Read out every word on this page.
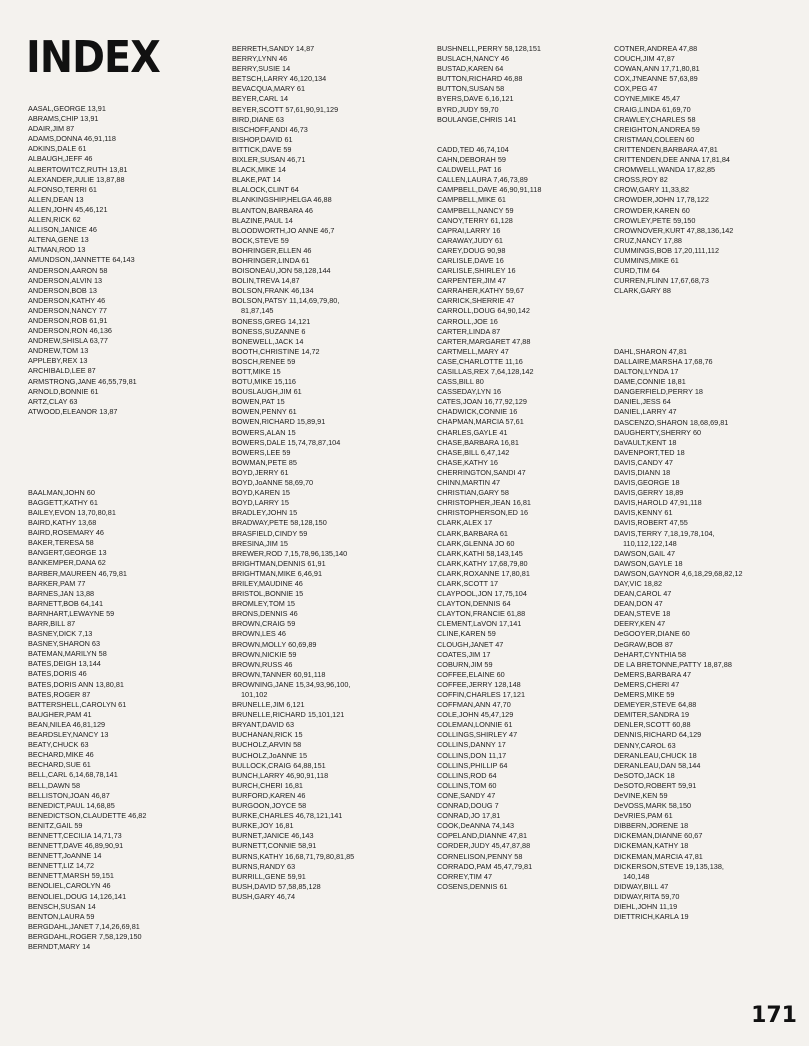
INDEX
AASAL,GEORGE 13,91
ABRAMS,CHIP 13,91
ADAIR,JIM 87
ADAMS,DONNA 46,91,118
ADKINS,DALE 61
ALBAUGH,JEFF 46
ALBERTOWITCZ,RUTH 13,81
ALEXANDER,JULIE 13,87,88
ALFONSO,TERRI 61
ALLEN,DEAN 13
ALLEN,JOHN 45,46,121
ALLEN,RICK 62
ALLISON,JANICE 46
ALTENA,GENE 13
ALTMAN,ROD 13
AMUNDSON,JANNETTE 64,143
ANDERSON,AARON 58
ANDERSON,ALVIN 13
ANDERSON,BOB 13
ANDERSON,KATHY 46
ANDERSON,NANCY 77
ANDERSON,ROB 61,91
ANDERSON,RON 46,136
ANDREW,SHISLA 63,77
ANDREW,TOM 13
APPLEBY,REX 13
ARCHIBALD,LEE 87
ARMSTRONG,JANE 46,55,79,81
ARNOLD,BONNIE 61
ARTZ,CLAY 63
ATWOOD,ELEANOR 13,87
BAALMAN,JOHN 60
BAGGETT,KATHY 61
BAILEY,EVON 13,70,80,81
BAIRD,KATHY 13,68
BAIRD,ROSEMARY 46
BAKER,TERESA 58
BANGERT,GEORGE 13
BANKEMPER,DANA 62
BARBER,MAUREEN 46,79,81
BARKER,PAM 77
BARNES,JAN 13,88
BARNETT,BOB 64,141
BARNHART,LEWAYNE 59
BARR,BILL 87
BASNEY,DICK 7,13
BASNEY,SHARON 63
BATEMAN,MARILYN 58
BATES,DEIGH 13,144
BATES,DORIS 46
BATES,DORIS ANN 13,80,81
BATES,ROGER 87
BATTERSHELL,CAROLYN 61
BAUGHER,PAM 41
BEAN,NILEA 46,81,129
BEARDSLEY,NANCY 13
BEATY,CHUCK 63
BECHARD,MIKE 46
BECHARD,SUE 61
BELL,CARL 6,14,68,78,141
BELL,DAWN 58
BELLISTON,JOAN 46,87
BENEDICT,PAUL 14,68,85
BENEDICTSON,CLAUDETTE 46,82
BENITZ,GAIL 59
BENNETT,CECILIA 14,71,73
BENNETT,DAVE 46,89,90,91
BENNETT,JoANNE 14
BENNETT,LIZ 14,72
BENNETT,MARSH 59,151
BENOLIEL,CAROLYN 46
BENOLIEL,DOUG 14,126,141
BENSCH,SUSAN 14
BENTON,LAURA 59
BERGDAHL,JANET 7,14,26,69,81
BERGDAHL,ROGER 7,58,129,150
BERNDT,MARY 14
BERRETH,SANDY 14,87
BERRY,LYNN 46
BERRY,SUSIE 14
BETSCH,LARRY 46,120,134
BEVACQUA,MARY 61
BEYER,CARL 14
BEYER,SCOTT 57,61,90,91,129
BIRD,DIANE 63
BISCHOFF,ANDI 46,73
BISHOP,DAVID 61
BITTICK,DAVE 59
BIXLER,SUSAN 46,71
BLACK,MIKE 14
BLAKE,PAT 14
BLALOCK,CLINT 64
BLANKINGSHIP,HELGA 46,88
BLANTON,BARBARA 46
BLAZINE,PAUL 14
BLOODWORTH,JO ANNE 46,7
BOCK,STEVE 59
BOHRINGER,ELLEN 46
BOHRINGER,LINDA 61
BOISONEAU,JON 58,128,144
BOLIN,TREVA 14,87
BOLSON,FRANK 46,134
BOLSON,PATSY 11,14,69,79,80,
81,87,145
BONESS,GREG 14,121
BONESS,SUZANNE 6
BONEWELL,JACK 14
BOOTH,CHRISTINE 14,72
BOSCH,RENEE 59
BOTT,MIKE 15
BOTU,MIKE 15,116
BOUSLAUGH,JIM 61
BOWEN,PAT 15
BOWEN,PENNY 61
BOWEN,RICHARD 15,89,91
BOWERS,ALAN 15
BOWERS,DALE 15,74,78,87,104
BOWERS,LEE 59
BOWMAN,PETE 85
BOYD,JERRY 61
BOYD,JoANNE 58,69,70
BOYD,KAREN 15
BOYD,LARRY 15
BRADLEY,JOHN 15
BRADWAY,PETE 58,128,150
BRASFIELD,CINDY 59
BRESINA,JIM 15
BREWER,ROD 7,15,78,96,135,140
BRIGHTMAN,DENNIS 61,91
BRIGHTMAN,MIKE 6,46,91
BRILEY,MAUDINE 46
BRISTOL,BONNIE 15
BROMLEY,TOM 15
BRONS,DENNIS 46
BROWN,CRAIG 59
BROWN,LES 46
BROWN,MOLLY 60,69,89
BROWN,NICKIE 59
BROWN,RUSS 46
BROWN,TANNER 60,91,118
BROWNING,JANE 15,34,93,96,100,
101,102
BRUNELLE,JIM 6,121
BRUNELLE,RICHARD 15,101,121
BRYANT,DAVID 63
BUCHANAN,RICK 15
BUCHOLZ,ARVIN 58
BUCHOLZ,JoANNE 15
BULLOCK,CRAIG 64,88,151
BUNCH,LARRY 46,90,91,118
BURCH,CHERI 16,81
BURFORD,KAREN 46
BURGOON,JOYCE 58
BURKE,CHARLES 46,78,121,141
BURKE,JOY 16,81
BURNET,JANICE 46,143
BURNETT,CONNIE 58,91
BURNS,KATHY 16,68,71,79,80,81,85
BURNS,RANDY 63
BURRILL,GENE 59,91
BUSH,DAVID 57,58,85,128
BUSH,GARY 46,74
BUSHNELL,PERRY 58,128,151
BUSLACH,NANCY 46
BUSTAD,KAREN 64
BUTTON,RICHARD 46,88
BUTTON,SUSAN 58
BYERS,DAVE 6,16,121
BYRD,JUDY 59,70
BOULANGE,CHRIS 141
CADD,TED 46,74,104
CAHN,DEBORAH 59
CALDWELL,PAT 16
CALLEN,LAURA 7,46,73,89
CAMPBELL,DAVE 46,90,91,118
CAMPBELL,MIKE 61
CAMPBELL,NANCY 59
CANOY,TERRY 61,128
CAPRAI,LARRY 16
CARAWAY,JUDY 61
CAREY,DOUG 90,98
CARLISLE,DAVE 16
CARLISLE,SHIRLEY 16
CARPENTER,JIM 47
CARRAHER,KATHY 59,67
CARRICK,SHERRIE 47
CARROLL,DOUG 64,90,142
CARROLL,JOE 16
CARTER,LINDA 87
CARTER,MARGARET 47,88
CARTMELL,MARY 47
CASE,CHARLOTTE 11,16
CASILLAS,REX 7,64,128,142
CASS,BILL 80
CASSEDAY,LYN 16
CATES,JOAN 16,77,92,129
CHADWICK,CONNIE 16
CHAPMAN,MARCIA 57,61
CHARLES,GAYLE 41
CHASE,BARBARA 16,81
CHASE,BILL 6,47,142
CHASE,KATHY 16
CHERRINGTON,SANDI 47
CHINN,MARTIN 47
CHRISTIAN,GARY 58
CHRISTOPHER,JEAN 16,81
CHRISTOPHERSON,ED 16
CLARK,ALEX 17
CLARK,BARBARA 61
CLARK,GLENNA JO 60
CLARK,KATHI 58,143,145
CLARK,KATHY 17,68,79,80
CLARK,ROXANNE 17,80,81
CLARK,SCOTT 17
CLAYPOOL,JON 17,75,104
CLAYTON,DENNIS 64
CLAYTON,FRANCIE 61,88
CLEMENT,LaVON 17,141
CLINE,KAREN 59
CLOUGH,JANET 47
COATES,JIM 17
COBURN,JIM 59
COFFEE,ELAINE 60
COFFEE,JERRY 128,148
COFFIN,CHARLES 17,121
COFFMAN,ANN 47,70
COLE,JOHN 45,47,129
COLEMAN,LONNIE 61
COLLINGS,SHIRLEY 47
COLLINS,DANNY 17
COLLINS,DON 11,17
COLLINS,PHILLIP 64
COLLINS,ROD 64
COLLINS,TOM 60
CONE,SANDY 47
CONRAD,DOUG 7
CONRAD,JO 17,81
COOK,DeANNA 74,143
COPELAND,DIANNE 47,81
CORDER,JUDY 45,47,87,88
CORNELISON,PENNY 58
CORRADO,PAM 45,47,79,81
CORREY,TIM 47
COSENS,DENNIS 61
COTNER,ANDREA 47,88
COUCH,JIM 47,87
COWAN,ANN 17,71,80,81
COX,J'NEANNE 57,63,89
COX,PEG 47
COYNE,MIKE 45,47
CRAIG,LINDA 61,69,70
CRAWLEY,CHARLES 58
CREIGHTON,ANDREA 59
CRISTMAN,COLEEN 60
CRITTENDEN,BARBARA 47,81
CRITTENDEN,DEE ANNA 17,81,84
CROMWELL,WANDA 17,82,85
CROSS,ROY 82
CROW,GARY 11,33,82
CROWDER,JOHN 17,78,122
CROWDER,KAREN 60
CROWLEY,PETE 59,150
CROWNOVER,KURT 47,88,136,142
CRUZ,NANCY 17,88
CUMMINGS,BOB 17,20,111,112
CUMMINS,MIKE 61
CURD,TIM 64
CURREN,FLINN 17,67,68,73
CLARK,GARY 88
DAHL,SHARON 47,81
DALLAIRE,MARSHA 17,68,76
DALTON,LYNDA 17
DAME,CONNIE 18,81
DANGERFIELD,PERRY 18
DANIEL,JESS 64
DANIEL,LARRY 47
DASCENZO,SHARON 18,68,69,81
DAUGHERTY,SHERRY 60
DaVAULT,KENT 18
DAVENPORT,TED 18
DAVIS,CANDY 47
DAVIS,DIANN 18
DAVIS,GEORGE 18
DAVIS,GERRY 18,89
DAVIS,HAROLD 47,91,118
DAVIS,KENNY 61
DAVIS,ROBERT 47,55
DAVIS,TERRY 7,18,19,78,104,
110,112,122,148
DAWSON,GAIL 47
DAWSON,GAYLE 18
DAWSON,GAYNOR 4,6,18,29,68,82,12
DAY,VIC 18,82
DEAN,CAROL 47
DEAN,DON 47
DEAN,STEVE 18
DEERY,KEN 47
DeGOOYER,DIANE 60
DeGRAW,BOB 87
DeHART,CYNTHIA 58
DE LA BRETONNE,PATTY 18,87,88
DeMERS,BARBARA 47
DeMERS,CHERI 47
DeMERS,MIKE 59
DEMEYER,STEVE 64,88
DEMITER,SANDRA 19
DENLER,SCOTT 60,88
DENNIS,RICHARD 64,129
DENNY,CAROL 63
DERANLEAU,CHUCK 18
DERANLEAU,DAN 58,144
DeSOTO,JACK 18
DeSOTO,ROBERT 59,91
DeVINE,KEN 59
DeVOSS,MARK 58,150
DeVRIES,PAM 61
DIBBERN,JORENE 18
DICKEMAN,DIANNE 60,67
DICKEMAN,KATHY 18
DICKEMAN,MARCIA 47,81
DICKERSON,STEVE 19,135,138,
140,148
DIDWAY,BILL 47
DIDWAY,RITA 59,70
DIEHL,JOHN 11,19
DIETTRICH,KARLA 19
171
